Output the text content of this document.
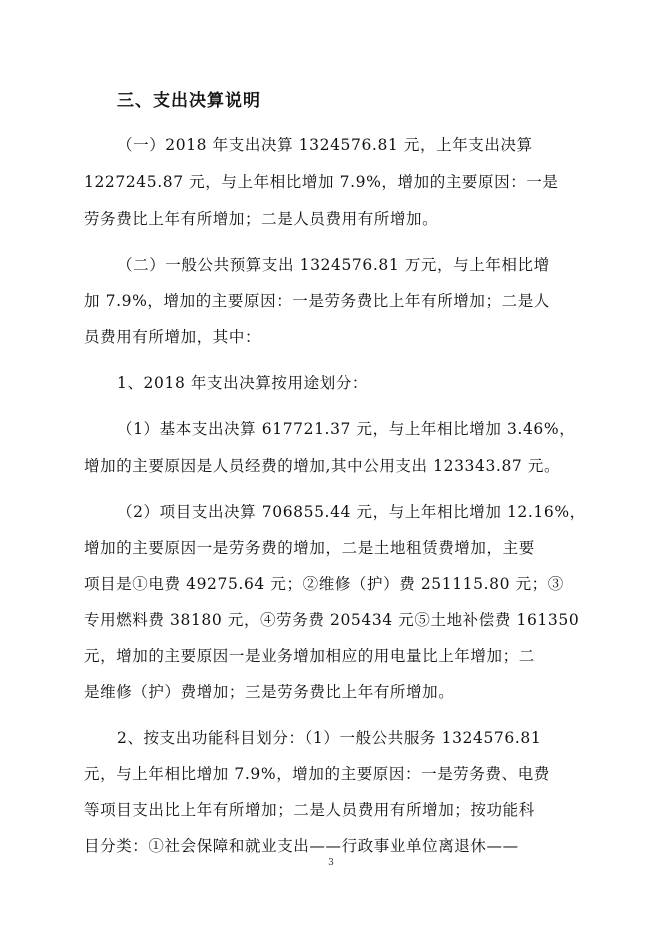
三、支出决算说明
（一）2018 年支出决算 1324576.81 元，上年支出决算
1227245.87 元，与上年相比增加 7.9%，增加的主要原因：一是
劳务费比上年有所增加；二是人员费用有所增加。
（二）一般公共预算支出 1324576.81 万元，与上年相比增
加 7.9%，增加的主要原因：一是劳务费比上年有所增加；二是人
员费用有所增加，其中：
1、2018 年支出决算按用途划分：
（1）基本支出决算 617721.37 元，与上年相比增加 3.46%，
增加的主要原因是人员经费的增加,其中公用支出 123343.87 元。
（2）项目支出决算 706855.44 元，与上年相比增加 12.16%，
增加的主要原因一是劳务费的增加，二是土地租赁费增加，主要
项目是①电费 49275.64 元；②维修（护）费 251115.80 元；③
专用燃料费 38180 元，④劳务费 205434 元⑤土地补偿费 161350
元，增加的主要原因一是业务增加相应的用电量比上年增加；二
是维修（护）费增加；三是劳务费比上年有所增加。
2、按支出功能科目划分：（1）一般公共服务 1324576.81
元，与上年相比增加 7.9%，增加的主要原因：一是劳务费、电费
等项目支出比上年有所增加；二是人员费用有所增加；按功能科
目分类：①社会保障和就业支出——行政事业单位离退休——
3
